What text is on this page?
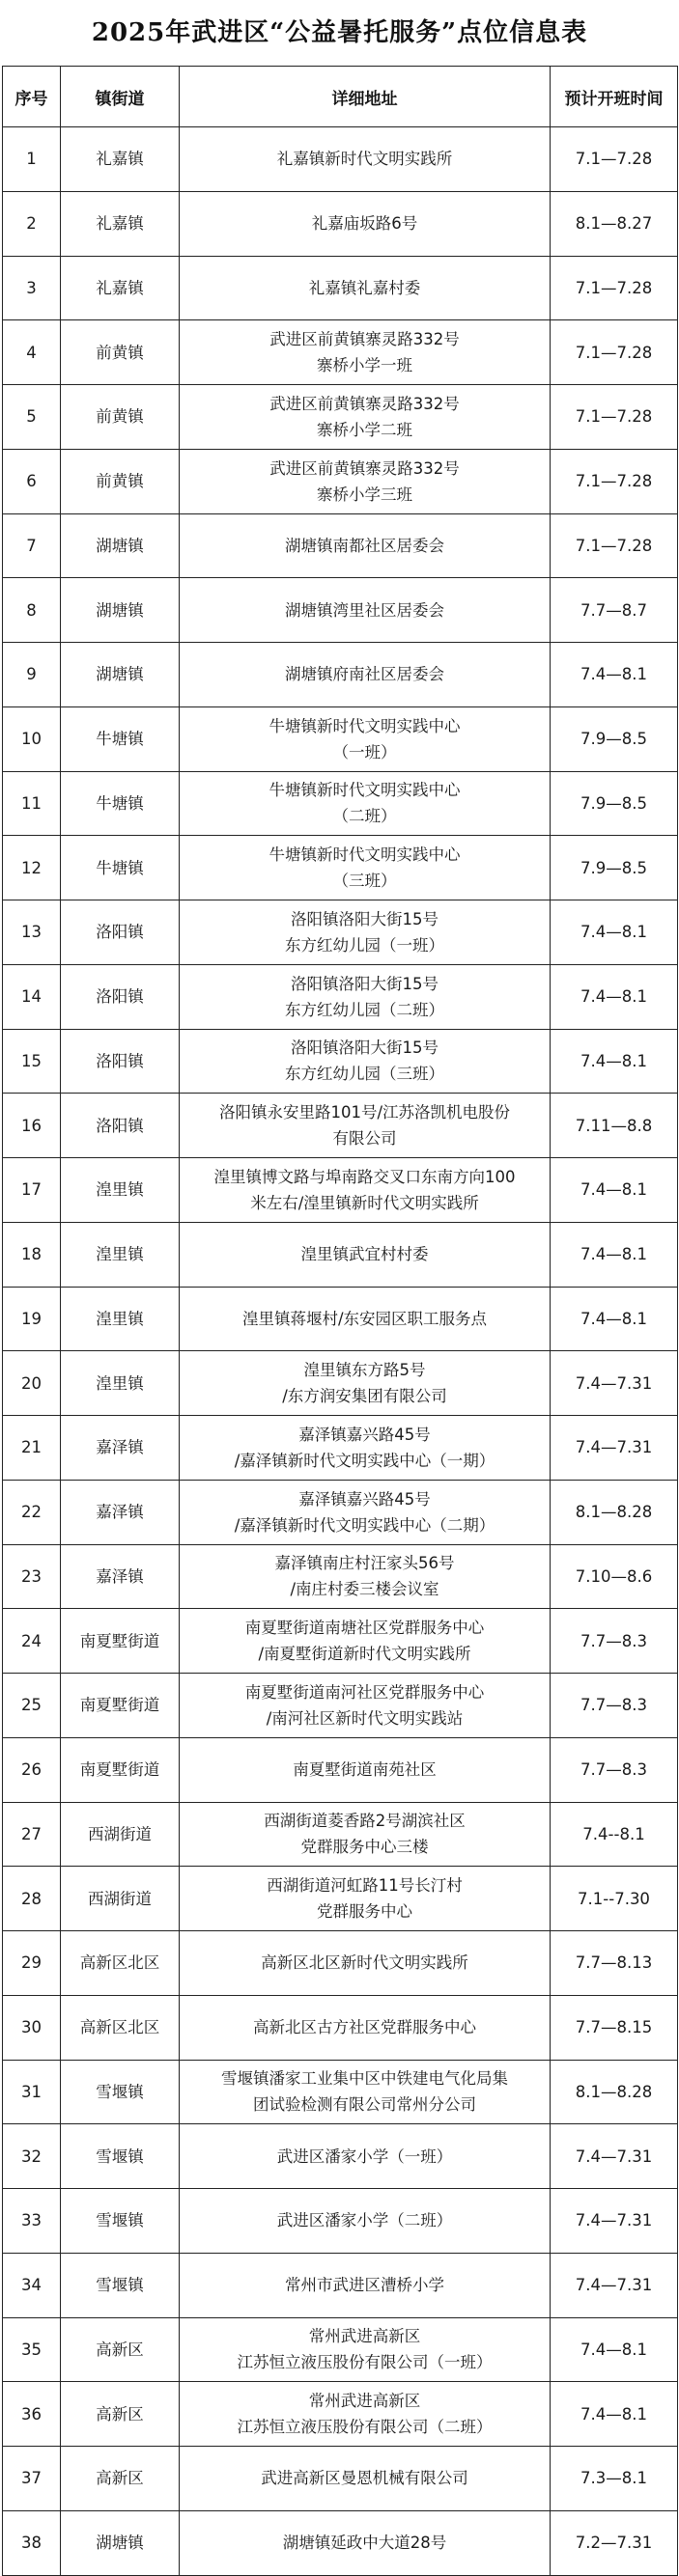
2025年武进区“公益暑托服务”点位信息表
序号	镇街道	详细地址	预计开班时间
1	礼嘉镇	礼嘉镇新时代文明实践所	7.1—7.28
2	礼嘉镇	礼嘉庙坂路6号	8.1—8.27
3	礼嘉镇	礼嘉镇礼嘉村委	7.1—7.28
4	前黄镇	武进区前黄镇寨灵路332号
寨桥小学一班	7.1—7.28
5	前黄镇	武进区前黄镇寨灵路332号
寨桥小学二班	7.1—7.28
6	前黄镇	武进区前黄镇寨灵路332号
寨桥小学三班	7.1—7.28
7	湖塘镇	湖塘镇南都社区居委会	7.1—7.28
8	湖塘镇	湖塘镇湾里社区居委会	7.7—8.7
9	湖塘镇	湖塘镇府南社区居委会	7.4—8.1
10	牛塘镇	牛塘镇新时代文明实践中心
（一班）	7.9—8.5
11	牛塘镇	牛塘镇新时代文明实践中心
（二班）	7.9—8.5
12	牛塘镇	牛塘镇新时代文明实践中心
（三班）	7.9—8.5
13	洛阳镇	洛阳镇洛阳大街15号
东方红幼儿园（一班）	7.4—8.1
14	洛阳镇	洛阳镇洛阳大街15号
东方红幼儿园（二班）	7.4—8.1
15	洛阳镇	洛阳镇洛阳大街15号
东方红幼儿园（三班）	7.4—8.1
16	洛阳镇	洛阳镇永安里路101号/江苏洛凯机电股份
有限公司	7.11—8.8
17	湟里镇	湟里镇博文路与埠南路交叉口东南方向100
米左右/湟里镇新时代文明实践所	7.4—8.1
18	湟里镇	湟里镇武宜村村委	7.4—8.1
19	湟里镇	湟里镇蒋堰村/东安园区职工服务点	7.4—8.1
20	湟里镇	湟里镇东方路5号
/东方润安集团有限公司	7.4—7.31
21	嘉泽镇	嘉泽镇嘉兴路45号
/嘉泽镇新时代文明实践中心（一期）	7.4—7.31
22	嘉泽镇	嘉泽镇嘉兴路45号
/嘉泽镇新时代文明实践中心（二期）	8.1—8.28
23	嘉泽镇	嘉泽镇南庄村汪家头56号
/南庄村委三楼会议室	7.10—8.6
24	南夏墅街道	南夏墅街道南塘社区党群服务中心
/南夏墅街道新时代文明实践所	7.7—8.3
25	南夏墅街道	南夏墅街道南河社区党群服务中心
/南河社区新时代文明实践站	7.7—8.3
26	南夏墅街道	南夏墅街道南苑社区	7.7—8.3
27	西湖街道	西湖街道菱香路2号湖滨社区
党群服务中心三楼	7.4--8.1
28	西湖街道	西湖街道河虹路11号长汀村
党群服务中心	7.1--7.30
29	高新区北区	高新区北区新时代文明实践所	7.7—8.13
30	高新区北区	高新北区古方社区党群服务中心	7.7—8.15
31	雪堰镇	雪堰镇潘家工业集中区中铁建电气化局集
团试验检测有限公司常州分公司	8.1—8.28
32	雪堰镇	武进区潘家小学（一班）	7.4—7.31
33	雪堰镇	武进区潘家小学（二班）	7.4—7.31
34	雪堰镇	常州市武进区漕桥小学	7.4—7.31
35	高新区	常州武进高新区
江苏恒立液压股份有限公司（一班）	7.4—8.1
36	高新区	常州武进高新区
江苏恒立液压股份有限公司（二班）	7.4—8.1
37	高新区	武进高新区曼恩机械有限公司	7.3—8.1
38	湖塘镇	湖塘镇延政中大道28号	7.2—7.31
